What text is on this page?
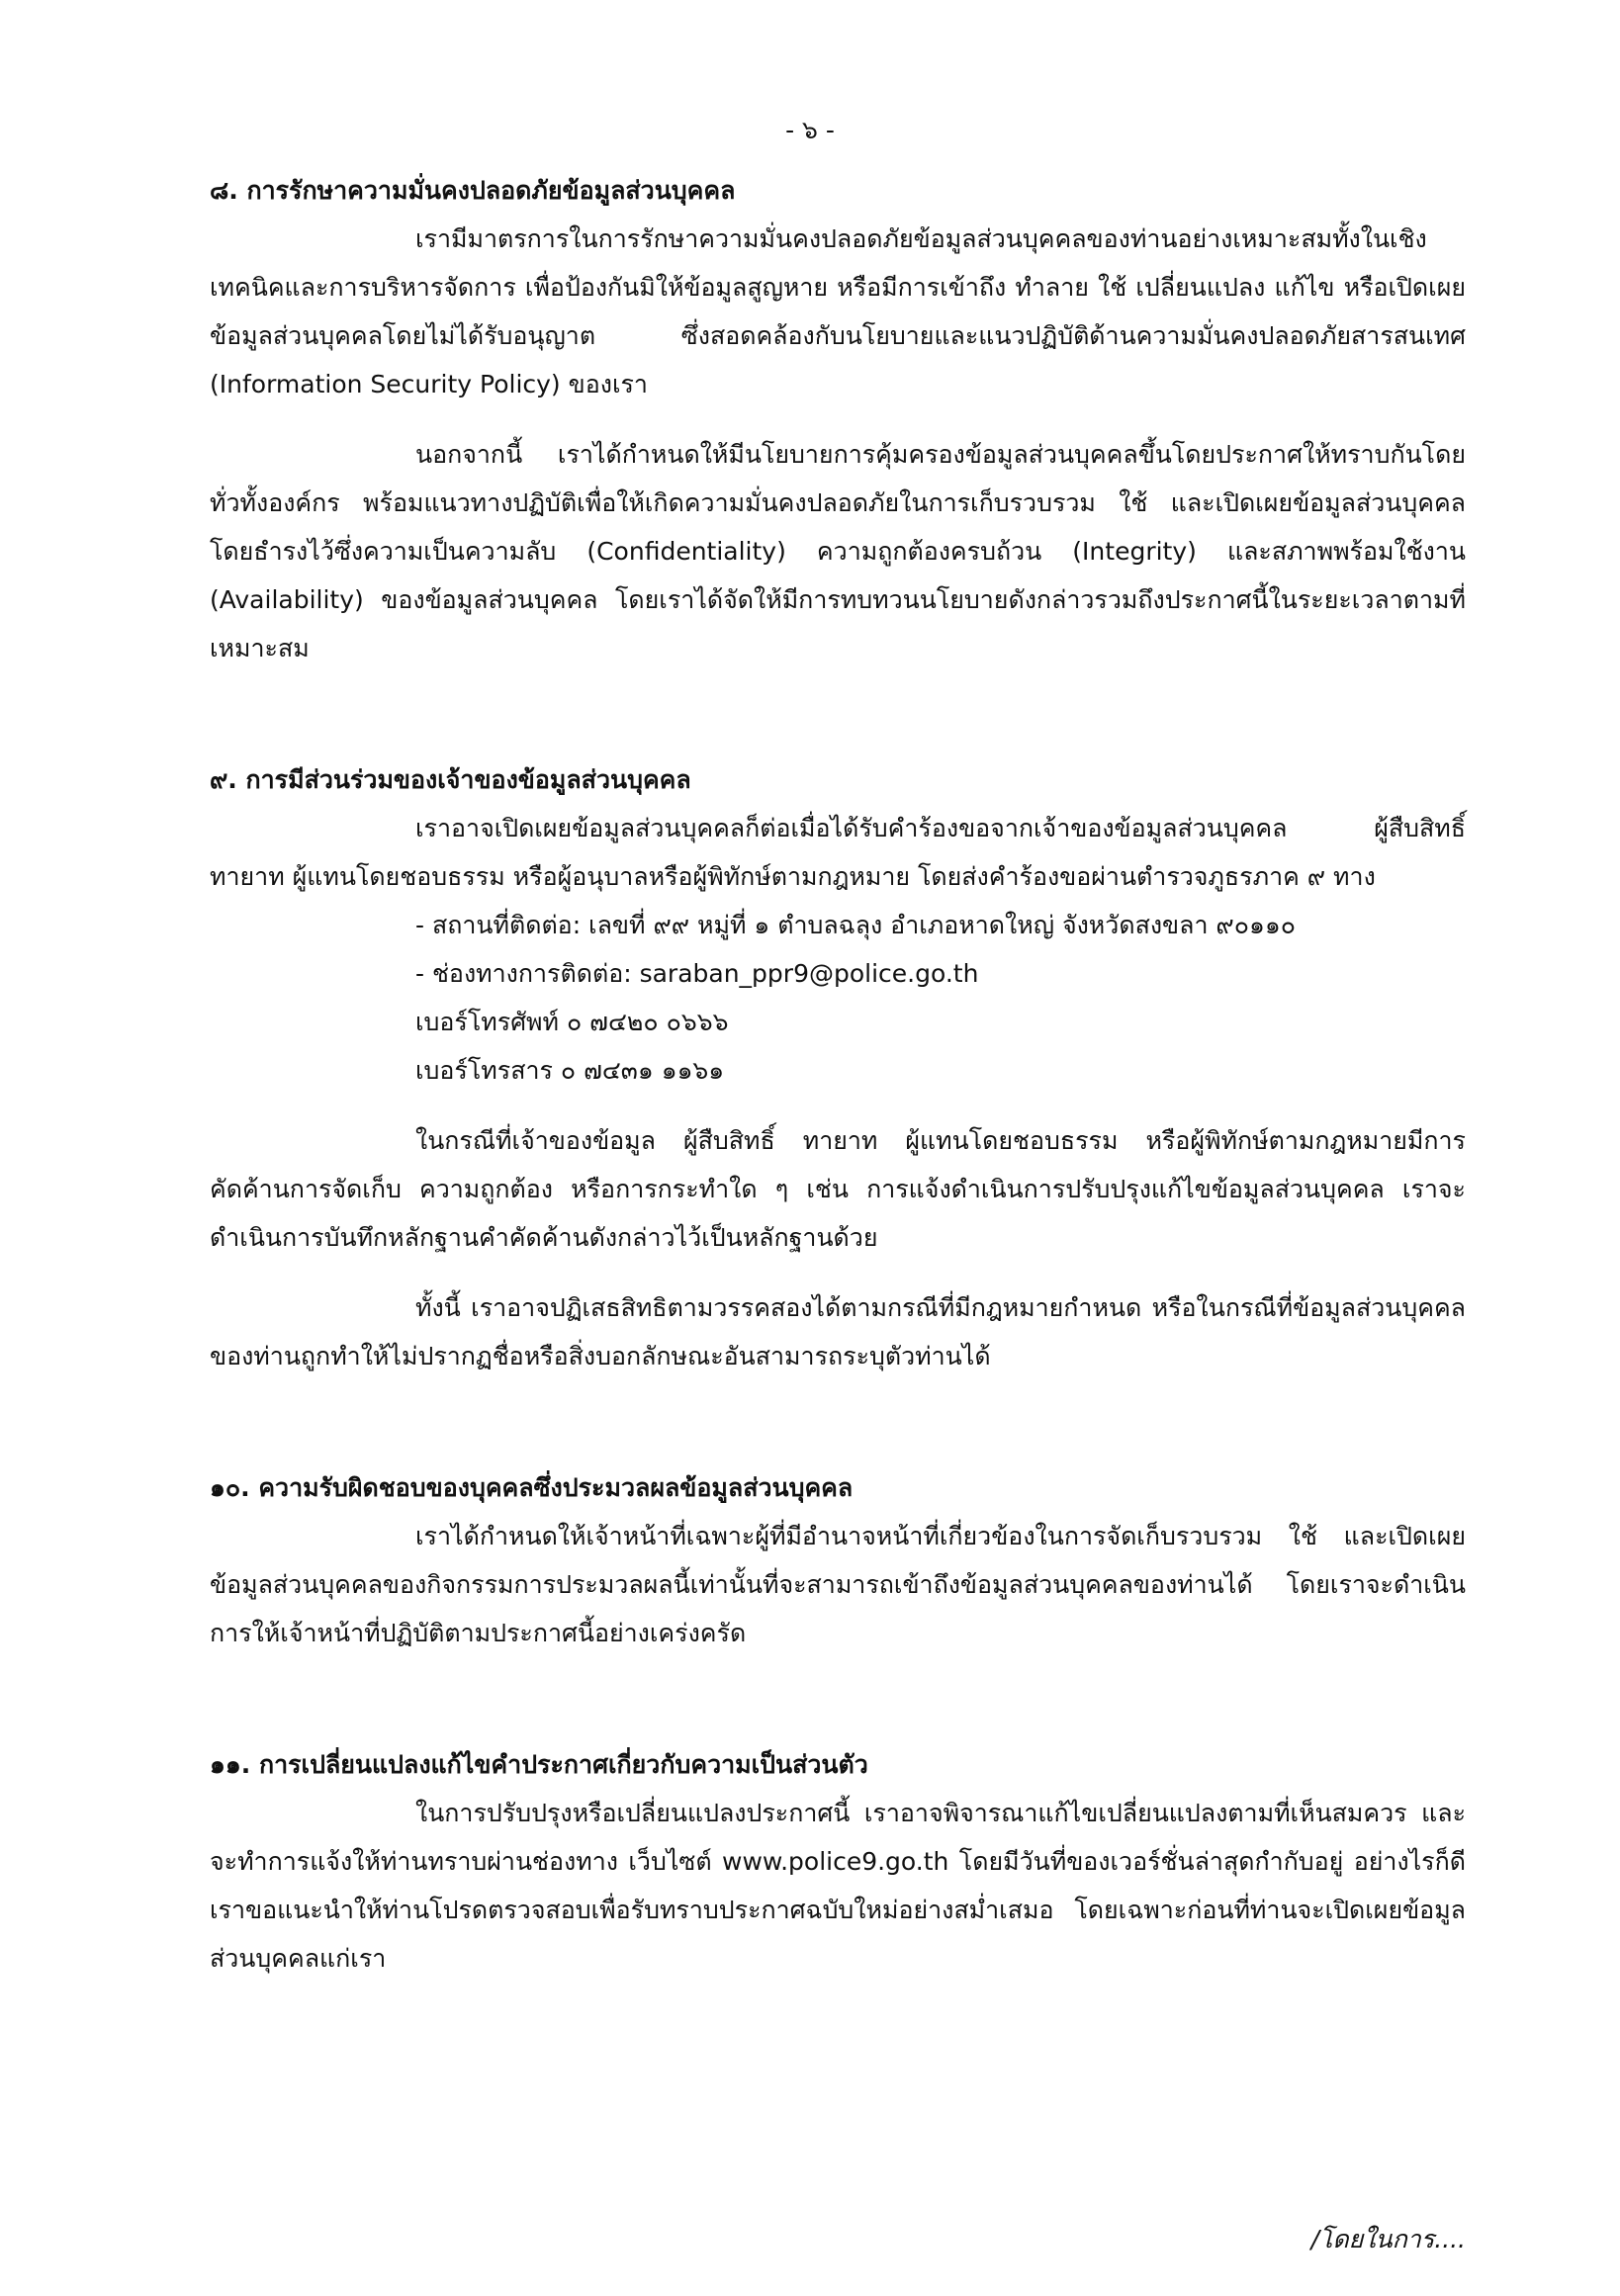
- ๖ -
๘. การรักษาความมั่นคงปลอดภัยข้อมูลส่วนบุคคล

เรามีมาตรการในการรักษาความมั่นคงปลอดภัยข้อมูลส่วนบุคคลของท่านอย่างเหมาะสมทั้งในเชิงเทคนิคและการบริหารจัดการ เพื่อป้องกันมิให้ข้อมูลสูญหาย หรือมีการเข้าถึง ทำลาย ใช้ เปลี่ยนแปลง แก้ไข หรือเปิดเผยข้อมูลส่วนบุคคลโดยไม่ได้รับอนุญาต ซึ่งสอดคล้องกับนโยบายและแนวปฏิบัติด้านความมั่นคงปลอดภัยสารสนเทศ (Information Security Policy) ของเรา

นอกจากนี้ เราได้กำหนดให้มีนโยบายการคุ้มครองข้อมูลส่วนบุคคลขึ้นโดยประกาศให้ทราบกันโดยทั่วทั้งองค์กร พร้อมแนวทางปฏิบัติเพื่อให้เกิดความมั่นคงปลอดภัยในการเก็บรวบรวม ใช้ และเปิดเผยข้อมูลส่วนบุคคล โดยธำรงไว้ซึ่งความเป็นความลับ (Confidentiality) ความถูกต้องครบถ้วน (Integrity) และสภาพพร้อมใช้งาน (Availability) ของข้อมูลส่วนบุคคล โดยเราได้จัดให้มีการทบทวนนโยบายดังกล่าวรวมถึงประกาศนี้ในระยะเวลาตามที่เหมาะสม

๙. การมีส่วนร่วมของเจ้าของข้อมูลส่วนบุคคล

เราอาจเปิดเผยข้อมูลส่วนบุคคลก็ต่อเมื่อได้รับคำร้องขอจากเจ้าของข้อมูลส่วนบุคคล ผู้สืบสิทธิ์ ทายาท ผู้แทนโดยชอบธรรม หรือผู้อนุบาลหรือผู้พิทักษ์ตามกฎหมาย โดยส่งคำร้องขอผ่านตำรวจภูธรภาค ๙ ทาง

- สถานที่ติดต่อ: เลขที่ ๙๙ หมู่ที่ ๑ ตำบลฉลุง อำเภอหาดใหญ่ จังหวัดสงขลา ๙๐๑๑๐
- ช่องทางการติดต่อ: saraban_ppr9@police.go.th
เบอร์โทรศัพท์ ๐ ๗๔๒๐ ๐๖๖๖
เบอร์โทรสาร ๐ ๗๔๓๑ ๑๑๖๑

ในกรณีที่เจ้าของข้อมูล ผู้สืบสิทธิ์ ทายาท ผู้แทนโดยชอบธรรม หรือผู้พิทักษ์ตามกฎหมายมีการคัดค้านการจัดเก็บ ความถูกต้อง หรือการกระทำใด ๆ เช่น การแจ้งดำเนินการปรับปรุงแก้ไขข้อมูลส่วนบุคคล เราจะดำเนินการบันทึกหลักฐานคำคัดค้านดังกล่าวไว้เป็นหลักฐานด้วย

ทั้งนี้ เราอาจปฏิเสธสิทธิตามวรรคสองได้ตามกรณีที่มีกฎหมายกำหนด หรือในกรณีที่ข้อมูลส่วนบุคคลของท่านถูกทำให้ไม่ปรากฏชื่อหรือสิ่งบอกลักษณะอันสามารถระบุตัวท่านได้

๑๐. ความรับผิดชอบของบุคคลซึ่งประมวลผลข้อมูลส่วนบุคคล

เราได้กำหนดให้เจ้าหน้าที่เฉพาะผู้ที่มีอำนาจหน้าที่เกี่ยวข้องในการจัดเก็บรวบรวม ใช้ และเปิดเผยข้อมูลส่วนบุคคลของกิจกรรมการประมวลผลนี้เท่านั้นที่จะสามารถเข้าถึงข้อมูลส่วนบุคคลของท่านได้ โดยเราจะดำเนินการให้เจ้าหน้าที่ปฏิบัติตามประกาศนี้อย่างเคร่งครัด

๑๑. การเปลี่ยนแปลงแก้ไขคำประกาศเกี่ยวกับความเป็นส่วนตัว

ในการปรับปรุงหรือเปลี่ยนแปลงประกาศนี้ เราอาจพิจารณาแก้ไขเปลี่ยนแปลงตามที่เห็นสมควร และจะทำการแจ้งให้ท่านทราบผ่านช่องทาง เว็บไซต์ www.police9.go.th โดยมีวันที่ของเวอร์ชั่นล่าสุดกำกับอยู่ อย่างไรก็ดี เราขอแนะนำให้ท่านโปรดตรวจสอบเพื่อรับทราบประกาศฉบับใหม่อย่างสม่ำเสมอ โดยเฉพาะก่อนที่ท่านจะเปิดเผยข้อมูลส่วนบุคคลแก่เรา

/โดยในการ....
